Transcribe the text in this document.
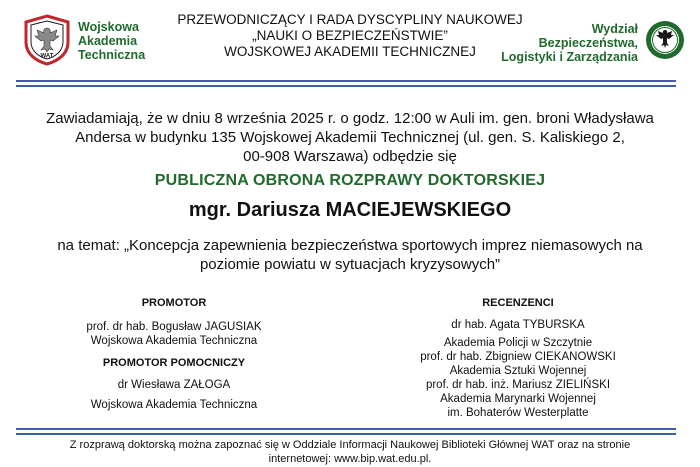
WAT
Wojskowa
Akademia
Techniczna
PRZEWODNICZĄCY I RADA DYSCYPLINY NAUKOWEJ
„NAUKI O BEZPIECZEŃSTWIE”
WOJSKOWEJ AKADEMII TECHNICZNEJ
Wydział
Bezpieczeństwa,
Logistyki i Zarządzania
Zawiadamiają, że w dniu 8 września 2025 r. o godz. 12:00 w Auli im. gen. broni Władysława
Andersa w budynku 135 Wojskowej Akademii Technicznej (ul. gen. S. Kaliskiego 2,
00-908 Warszawa) odbędzie się
PUBLICZNA OBRONA ROZPRAWY DOKTORSKIEJ
mgr. Dariusza MACIEJEWSKIEGO
na temat: „Koncepcja zapewnienia bezpieczeństwa sportowych imprez niemasowych na
poziomie powiatu w sytuacjach kryzysowych”
PROMOTOR
prof. dr hab. Bogusław JAGUSIAK
Wojskowa Akademia Techniczna
PROMOTOR POMOCNICZY
dr Wiesława ZAŁOGA
Wojskowa Akademia Techniczna
RECENZENCI
dr hab. Agata TYBURSKA
Akademia Policji w Szczytnie
prof. dr hab. Zbigniew CIEKANOWSKI
Akademia Sztuki Wojennej
prof. dr hab. inż. Mariusz ZIELIŃSKI
Akademia Marynarki Wojennej
im. Bohaterów Westerplatte
Z rozprawą doktorską można zapoznać się w Oddziale Informacji Naukowej Biblioteki Głównej WAT oraz na stronie
internetowej: www.bip.wat.edu.pl.
